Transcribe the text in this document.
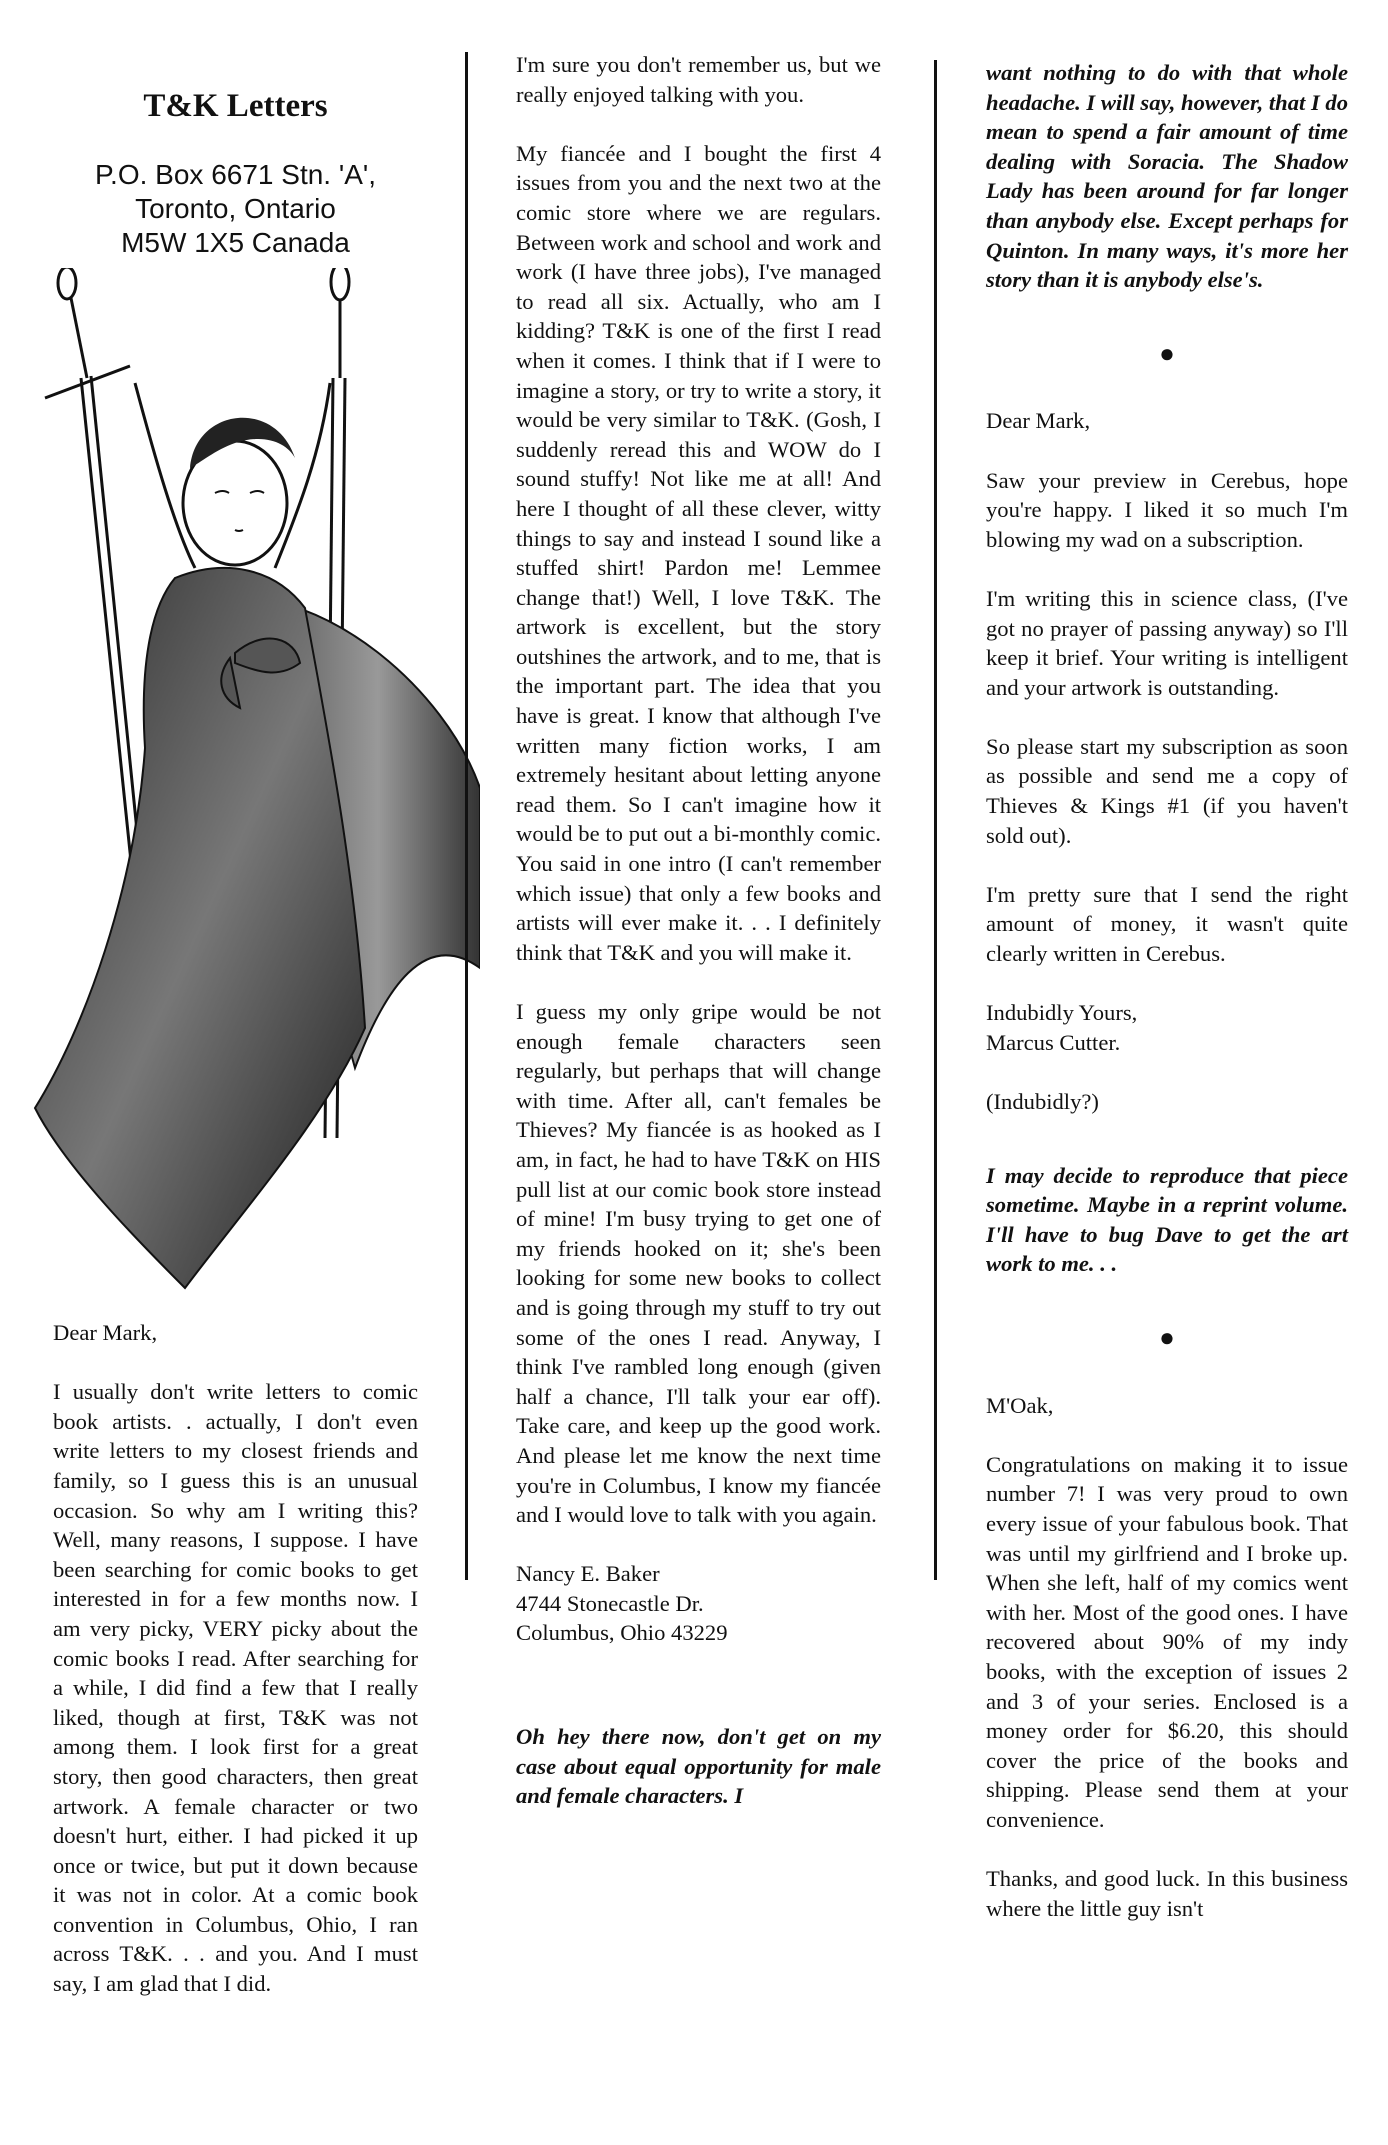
T&K Letters
P.O. Box 6671 Stn. 'A',
Toronto, Ontario
M5W 1X5 Canada

Dear Mark,

I usually don't write letters to comic book artists. . actually, I don't even write letters to my closest friends and family, so I guess this is an unusual occasion. So why am I writing this? Well, many reasons, I suppose. I have been searching for comic books to get interested in for a few months now. I am very picky, VERY picky about the comic books I read. After searching for a while, I did find a few that I really liked, though at first, T&K was not among them. I look first for a great story, then good characters, then great artwork. A female character or two doesn't hurt, either. I had picked it up once or twice, but put it down because it was not in color. At a comic book convention in Columbus, Ohio, I ran across T&K. . . and you. And I must say, I am glad that I did.

I'm sure you don't remember us, but we really enjoyed talking with you.

My fiancée and I bought the first 4 issues from you and the next two at the comic store where we are regulars. Between work and school and work and work (I have three jobs), I've managed to read all six. Actually, who am I kidding? T&K is one of the first I read when it comes. I think that if I were to imagine a story, or try to write a story, it would be very similar to T&K. (Gosh, I suddenly reread this and WOW do I sound stuffy! Not like me at all! And here I thought of all these clever, witty things to say and instead I sound like a stuffed shirt! Pardon me! Lemmee change that!) Well, I love T&K. The artwork is excellent, but the story outshines the artwork, and to me, that is the important part. The idea that you have is great. I know that although I've written many fiction works, I am extremely hesitant about letting anyone read them. So I can't imagine how it would be to put out a bi-monthly comic. You said in one intro (I can't remember which issue) that only a few books and artists will ever make it. . . I definitely think that T&K and you will make it.

I guess my only gripe would be not enough female characters seen regularly, but perhaps that will change with time. After all, can't females be Thieves? My fiancée is as hooked as I am, in fact, he had to have T&K on HIS pull list at our comic book store instead of mine! I'm busy trying to get one of my friends hooked on it; she's been looking for some new books to collect and is going through my stuff to try out some of the ones I read. Anyway, I think I've rambled long enough (given half a chance, I'll talk your ear off). Take care, and keep up the good work. And please let me know the next time you're in Columbus, I know my fiancée and I would love to talk with you again.

Nancy E. Baker

4744 Stonecastle Dr.

Columbus, Ohio 43229

Oh hey there now, don't get on my case about equal opportunity for male and female characters. I

want nothing to do with that whole headache. I will say, however, that I do mean to spend a fair amount of time dealing with Soracia. The Shadow Lady has been around for far longer than anybody else. Except perhaps for Quinton. In many ways, it's more her story than it is anybody else's.

●

Dear Mark,

Saw your preview in Cerebus, hope you're happy. I liked it so much I'm blowing my wad on a subscription.

I'm writing this in science class, (I've got no prayer of passing anyway) so I'll keep it brief. Your writing is intelligent and your artwork is outstanding.

So please start my subscription as soon as possible and send me a copy of Thieves & Kings #1 (if you haven't sold out).

I'm pretty sure that I send the right amount of money, it wasn't quite clearly written in Cerebus.

Indubidly Yours,

Marcus Cutter.

(Indubidly?)

I may decide to reproduce that piece sometime. Maybe in a reprint volume. I'll have to bug Dave to get the art work to me. . .

●

M'Oak,

Congratulations on making it to issue number 7! I was very proud to own every issue of your fabulous book. That was until my girlfriend and I broke up. When she left, half of my comics went with her. Most of the good ones. I have recovered about 90% of my indy books, with the exception of issues 2 and 3 of your series. Enclosed is a money order for $6.20, this should cover the price of the books and shipping. Please send them at your convenience.

Thanks, and good luck. In this business where the little guy isn't
